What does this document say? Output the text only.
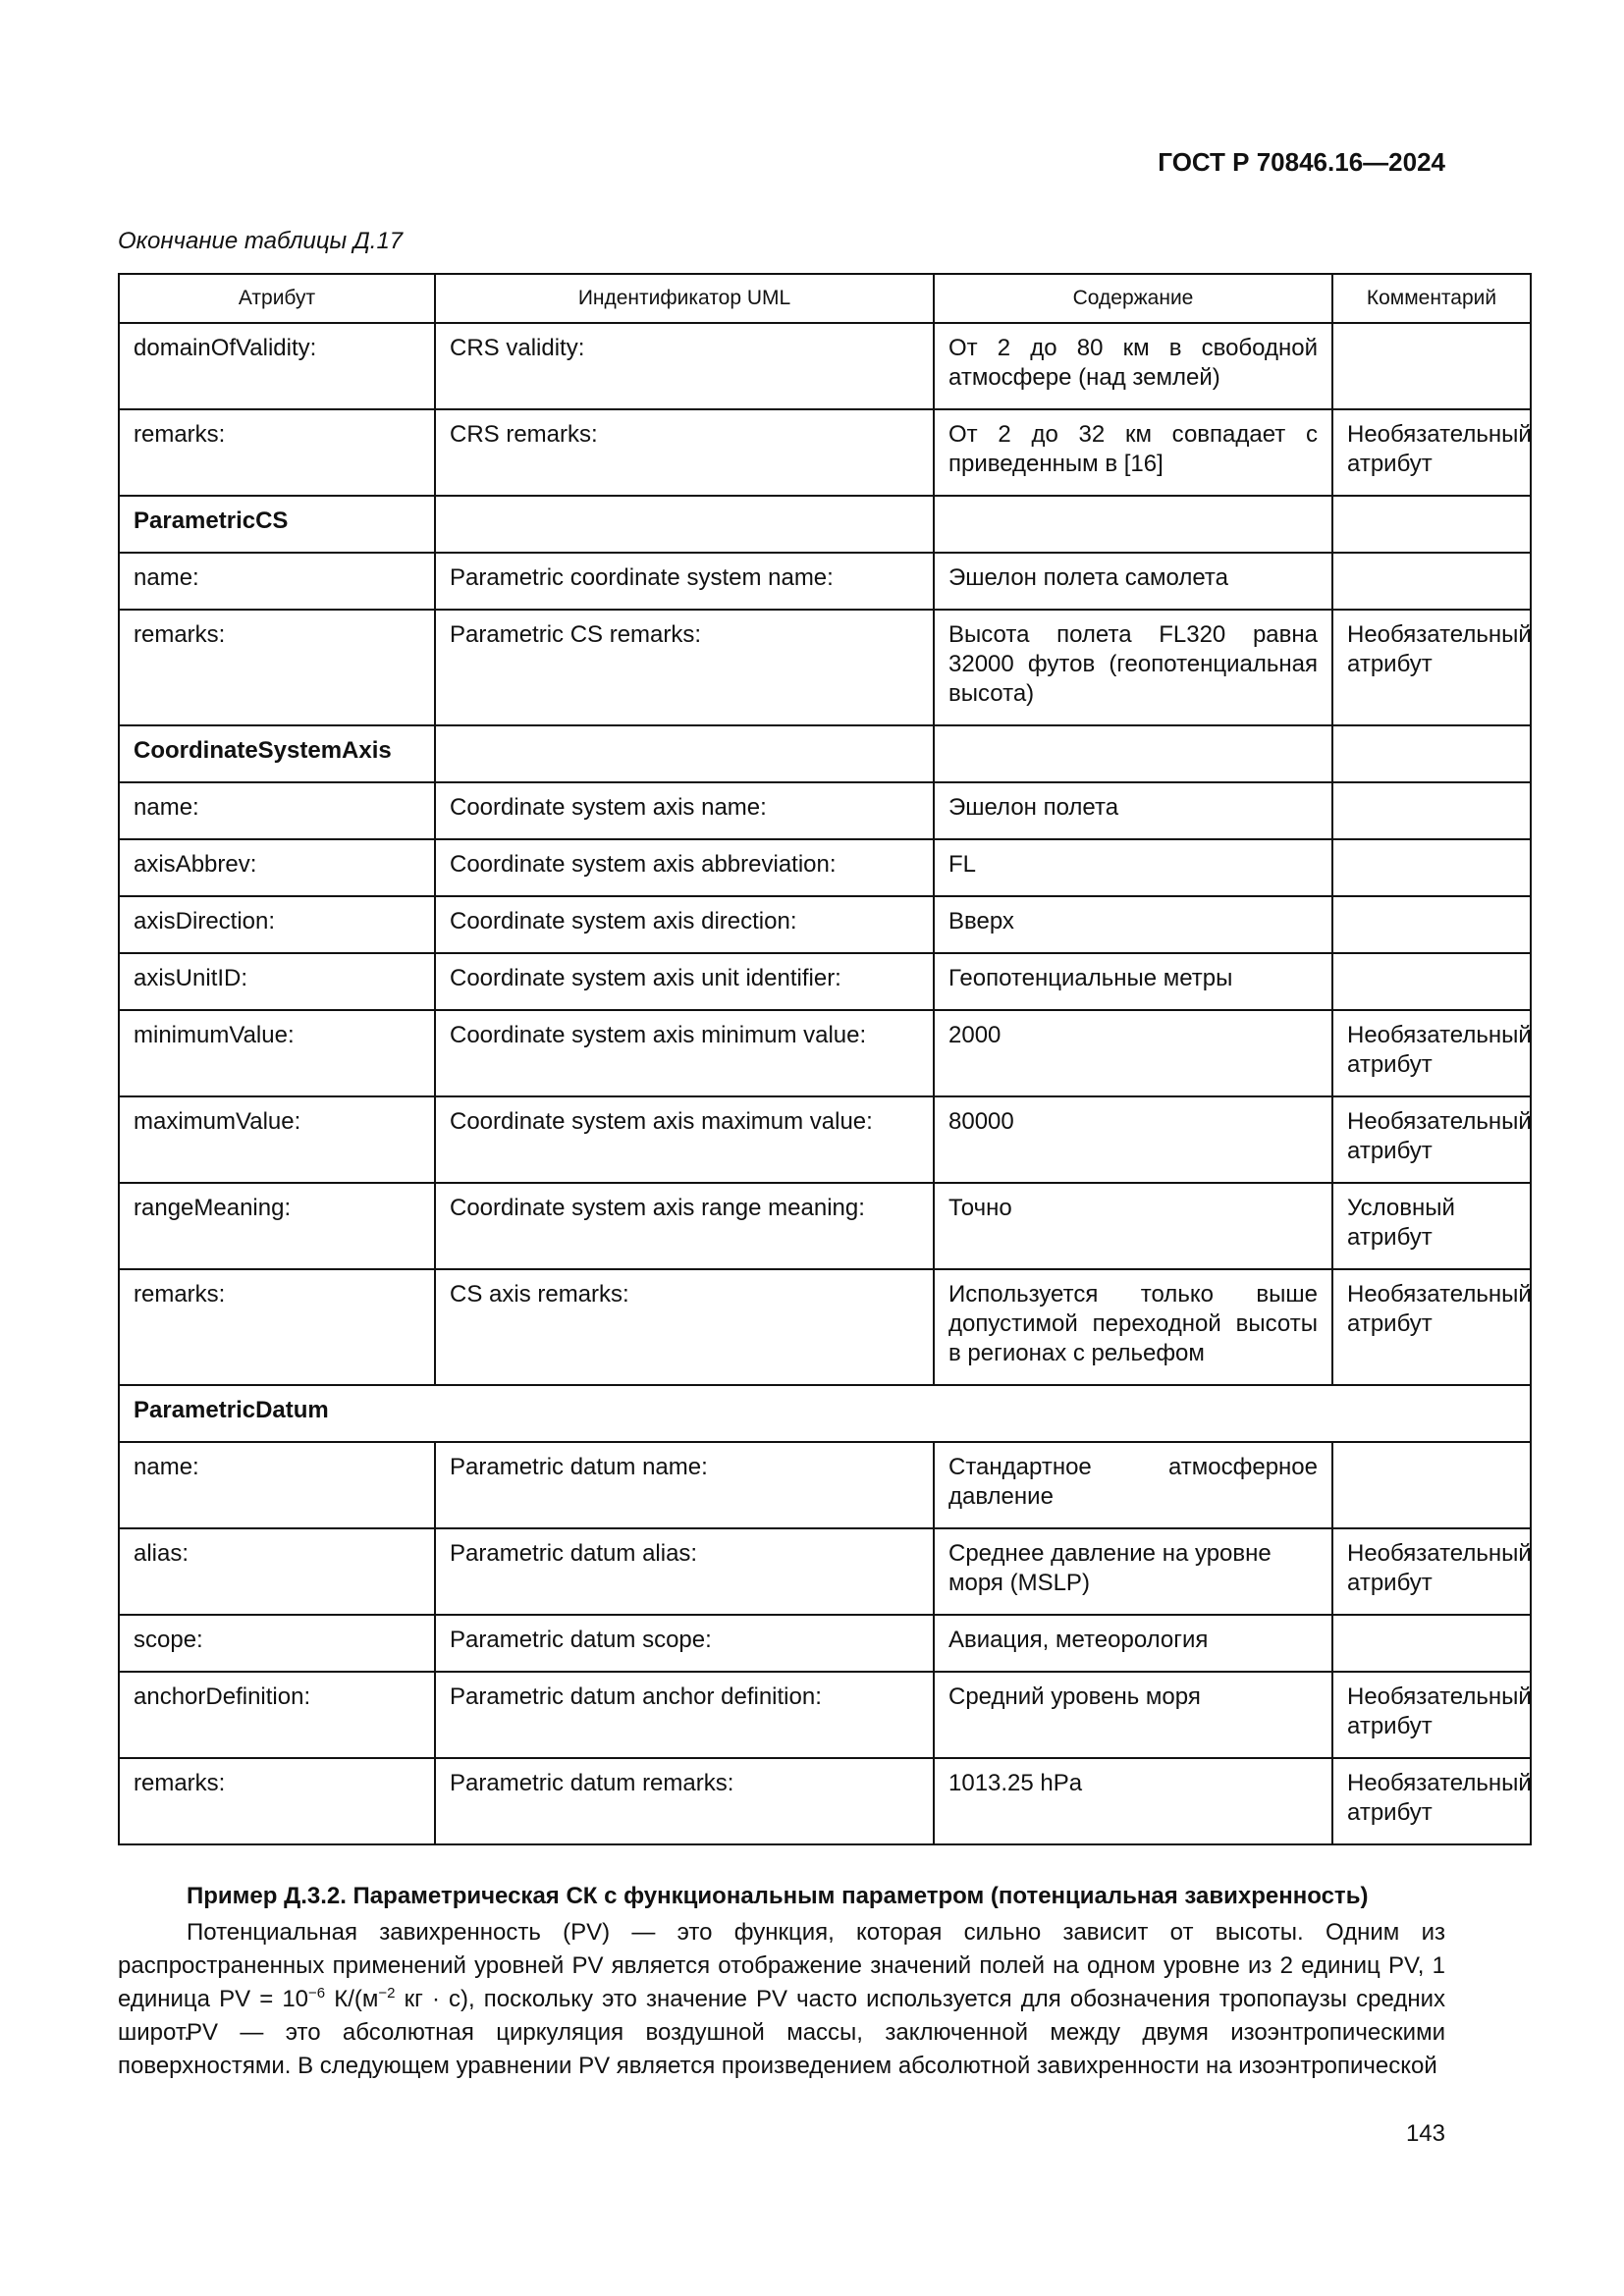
ГОСТ Р 70846.16—2024
Окончание таблицы Д.17
Атрибут	Индентификатор UML	Содержание	Комментарий
domainOfValidity:	CRS validity:	От 2 до 80 км в свободной атмосфере (над землей)	
remarks:	CRS remarks:	От 2 до 32 км совпадает с приведенным в [16]	Необязательный атрибут
ParametricCS			
name:	Parametric coordinate system name:	Эшелон полета самолета	
remarks:	Parametric CS remarks:	Высота полета FL320 равна 32000 футов (геопотенциальная высота)	Необязательный атрибут
CoordinateSystemAxis			
name:	Coordinate system axis name:	Эшелон полета	
axisAbbrev:	Coordinate system axis abbreviation:	FL	
axisDirection:	Coordinate system axis direction:	Вверх	
axisUnitID:	Coordinate system axis unit identifier:	Геопотенциальные метры	
minimumValue:	Coordinate system axis minimum value:	2000	Необязательный атрибут
maximumValue:	Coordinate system axis maximum value:	80000	Необязательный атрибут
rangeMeaning:	Coordinate system axis range meaning:	Точно	Условный атрибут
remarks:	CS axis remarks:	Используется только выше допустимой переходной высоты в регионах с рельефом	Необязательный атрибут
ParametricDatum			
name:	Parametric datum name:	Стандартное атмосферное давление	
alias:	Parametric datum alias:	Среднее давление на уровне моря (MSLP)	Необязательный атрибут
scope:	Parametric datum scope:	Авиация, метеорология	
anchorDefinition:	Parametric datum anchor definition:	Средний уровень моря	Необязательный атрибут
remarks:	Parametric datum remarks:	1013.25 hPa	Необязательный атрибут
Пример Д.3.2. Параметрическая СК с функциональным параметром (потенциальная завихренность)
Потенциальная завихренность (PV) — это функция, которая сильно зависит от высоты. Одним из распространенных применений уровней PV является отображение значений полей на одном уровне из 2 единиц PV, 1 единица PV = $10^{-6}$ $К/(м^{-2}$ кг · с), поскольку это значение PV часто используется для обозначения тропопаузы средних широт.
PV — это абсолютная циркуляция воздушной массы, заключенной между двумя изоэнтропическими поверхностями. В следующем уравнении PV является произведением абсолютной завихренности на изоэнтропической
143
